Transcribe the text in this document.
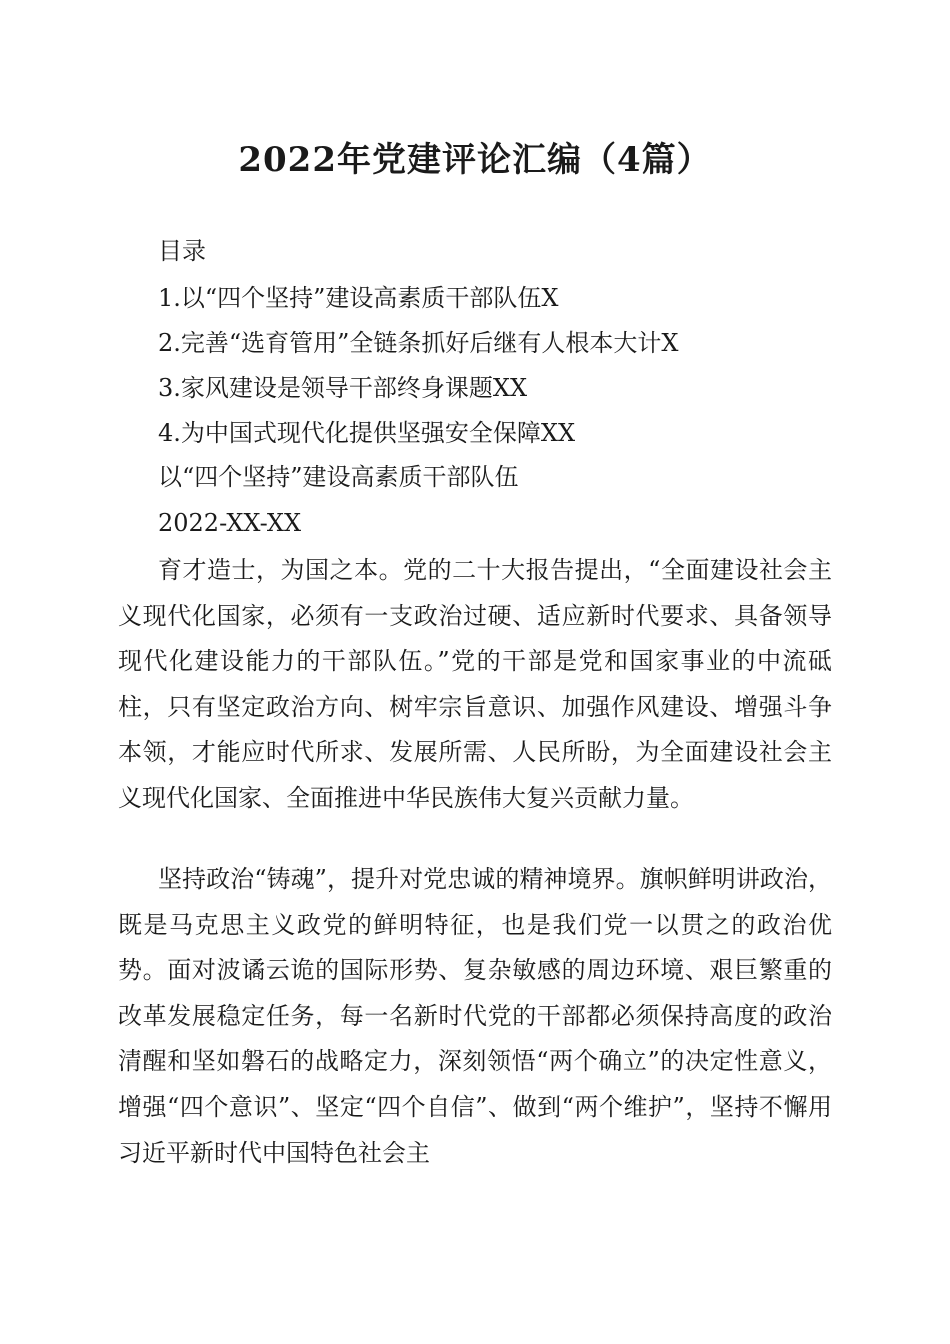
2022年党建评论汇编（4篇）

目录

1.以“四个坚持”建设高素质干部队伍X

2.完善“选育管用”全链条抓好后继有人根本大计X

3.家风建设是领导干部终身课题XX

4.为中国式现代化提供坚强安全保障XX

以“四个坚持”建设高素质干部队伍

2022-XX-XX

育才造士，为国之本。党的二十大报告提出，“全面建设社会主义现代化国家，必须有一支政治过硬、适应新时代要求、具备领导现代化建设能力的干部队伍。”党的干部是党和国家事业的中流砥柱，只有坚定政治方向、树牢宗旨意识、加强作风建设、增强斗争本领，才能应时代所求、发展所需、人民所盼，为全面建设社会主义现代化国家、全面推进中华民族伟大复兴贡献力量。

坚持政治“铸魂”，提升对党忠诚的精神境界。旗帜鲜明讲政治，既是马克思主义政党的鲜明特征，也是我们党一以贯之的政治优势。面对波谲云诡的国际形势、复杂敏感的周边环境、艰巨繁重的改革发展稳定任务，每一名新时代党的干部都必须保持高度的政治清醒和坚如磐石的战略定力，深刻领悟“两个确立”的决定性意义，增强“四个意识”、坚定“四个自信”、做到“两个维护”，坚持不懈用习近平新时代中国特色社会主
